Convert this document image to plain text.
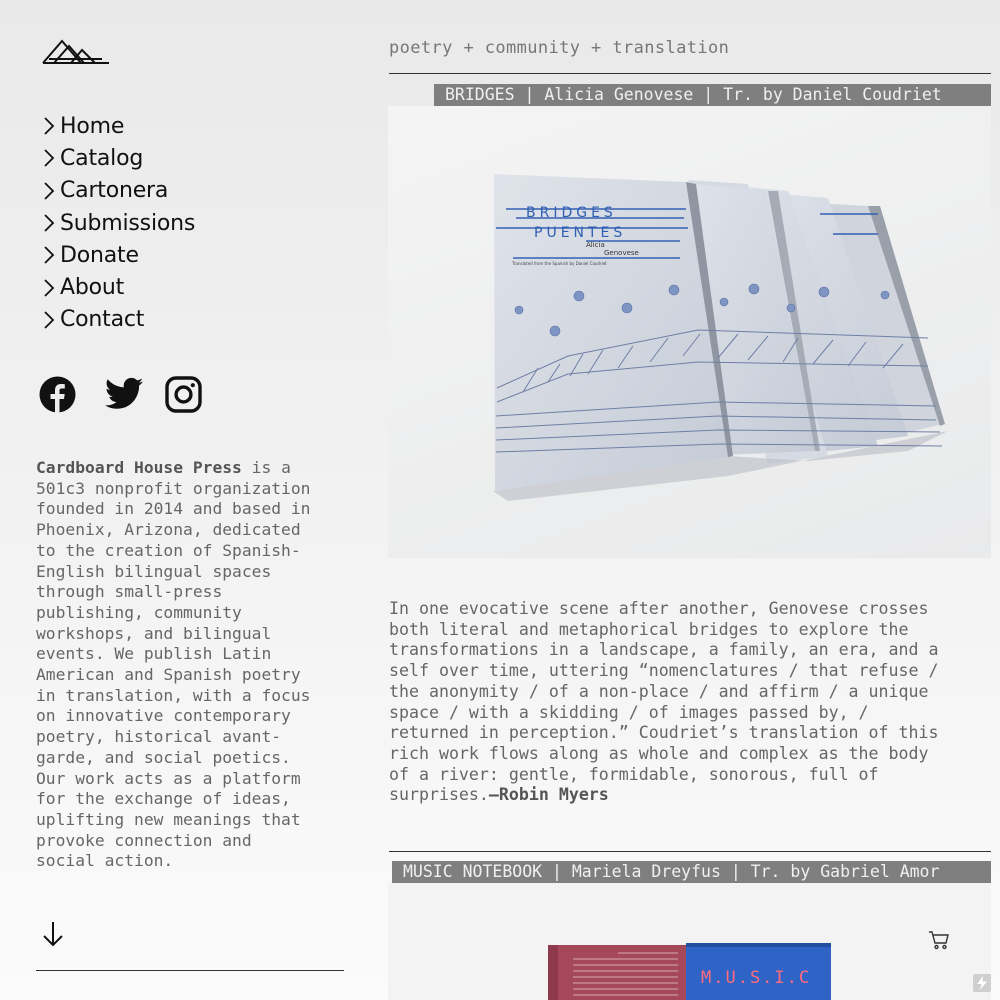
Home
Catalog
Cartonera
Submissions
Donate
About
Contact
Cardboard House Press is a
501c3 nonprofit organization
founded in 2014 and based in
Phoenix, Arizona, dedicated
to the creation of Spanish-
English bilingual spaces
through small-press
publishing, community
workshops, and bilingual
events. We publish Latin
American and Spanish poetry
in translation, with a focus
on innovative contemporary
poetry, historical avant-
garde, and social poetics.
Our work acts as a platform
for the exchange of ideas,
uplifting new meanings that
provoke connection and
social action.
poetry + community + translation
BRIDGES | Alicia Genovese | Tr. by Daniel Coudriet
BRIDGES
PUENTES
Alicia
Genovese
Translated from the Spanish by Daniel Coudriet
In one evocative scene after another, Genovese crosses
both literal and metaphorical bridges to explore the
transformations in a landscape, a family, an era, and a
self over time, uttering “nomenclatures / that refuse /
the anonymity / of a non-place / and affirm / a unique
space / with a skidding / of images passed by, /
returned in perception.” Coudriet’s translation of this
rich work flows along as whole and complex as the body
of a river: gentle, formidable, sonorous, full of
surprises.—Robin Myers
MUSIC NOTEBOOK | Mariela Dreyfus | Tr. by Gabriel Amor
M.U.S.I.C
